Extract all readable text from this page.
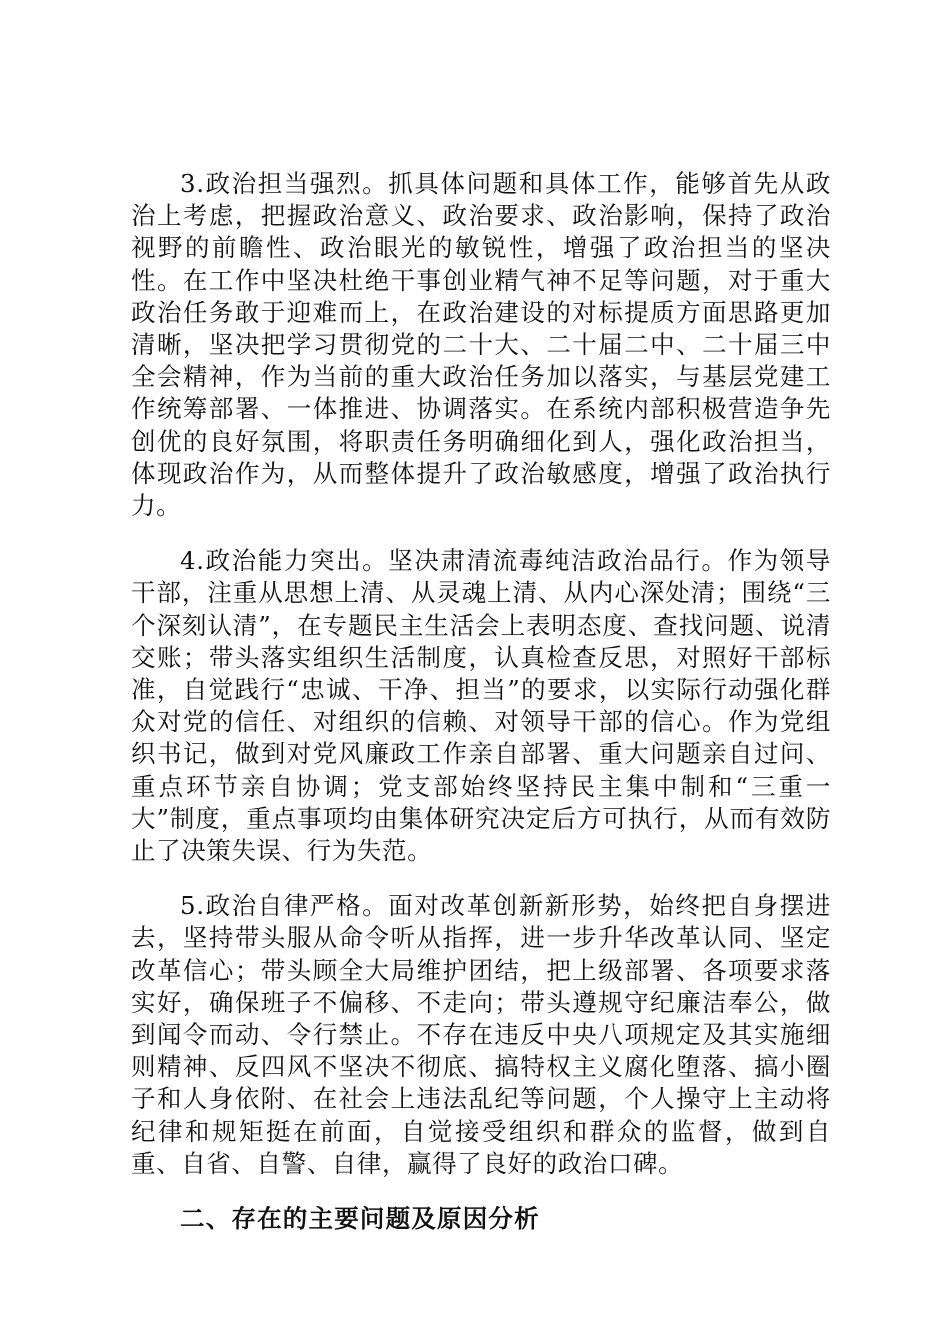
3.政治担当强烈。抓具体问题和具体工作，能够首先从政治上考虑，把握政治意义、政治要求、政治影响，保持了政治视野的前瞻性、政治眼光的敏锐性，增强了政治担当的坚决性。在工作中坚决杜绝干事创业精气神不足等问题，对于重大政治任务敢于迎难而上，在政治建设的对标提质方面思路更加清晰，坚决把学习贯彻党的二十大、二十届二中、二十届三中全会精神，作为当前的重大政治任务加以落实，与基层党建工作统筹部署、一体推进、协调落实。在系统内部积极营造争先创优的良好氛围，将职责任务明确细化到人，强化政治担当，体现政治作为，从而整体提升了政治敏感度，增强了政治执行力。

4.政治能力突出。坚决肃清流毒纯洁政治品行。作为领导干部，注重从思想上清、从灵魂上清、从内心深处清；围绕“三个深刻认清”，在专题民主生活会上表明态度、查找问题、说清交账；带头落实组织生活制度，认真检查反思，对照好干部标准，自觉践行“忠诚、干净、担当”的要求，以实际行动强化群众对党的信任、对组织的信赖、对领导干部的信心。作为党组织书记，做到对党风廉政工作亲自部署、重大问题亲自过问、重点环节亲自协调；党支部始终坚持民主集中制和“三重一大”制度，重点事项均由集体研究决定后方可执行，从而有效防止了决策失误、行为失范。

5.政治自律严格。面对改革创新新形势，始终把自身摆进去，坚持带头服从命令听从指挥，进一步升华改革认同、坚定改革信心；带头顾全大局维护团结，把上级部署、各项要求落实好，确保班子不偏移、不走向；带头遵规守纪廉洁奉公，做到闻令而动、令行禁止。不存在违反中央八项规定及其实施细则精神、反四风不坚决不彻底、搞特权主义腐化堕落、搞小圈子和人身依附、在社会上违法乱纪等问题，个人操守上主动将纪律和规矩挺在前面，自觉接受组织和群众的监督，做到自重、自省、自警、自律，赢得了良好的政治口碑。

二、存在的主要问题及原因分析
